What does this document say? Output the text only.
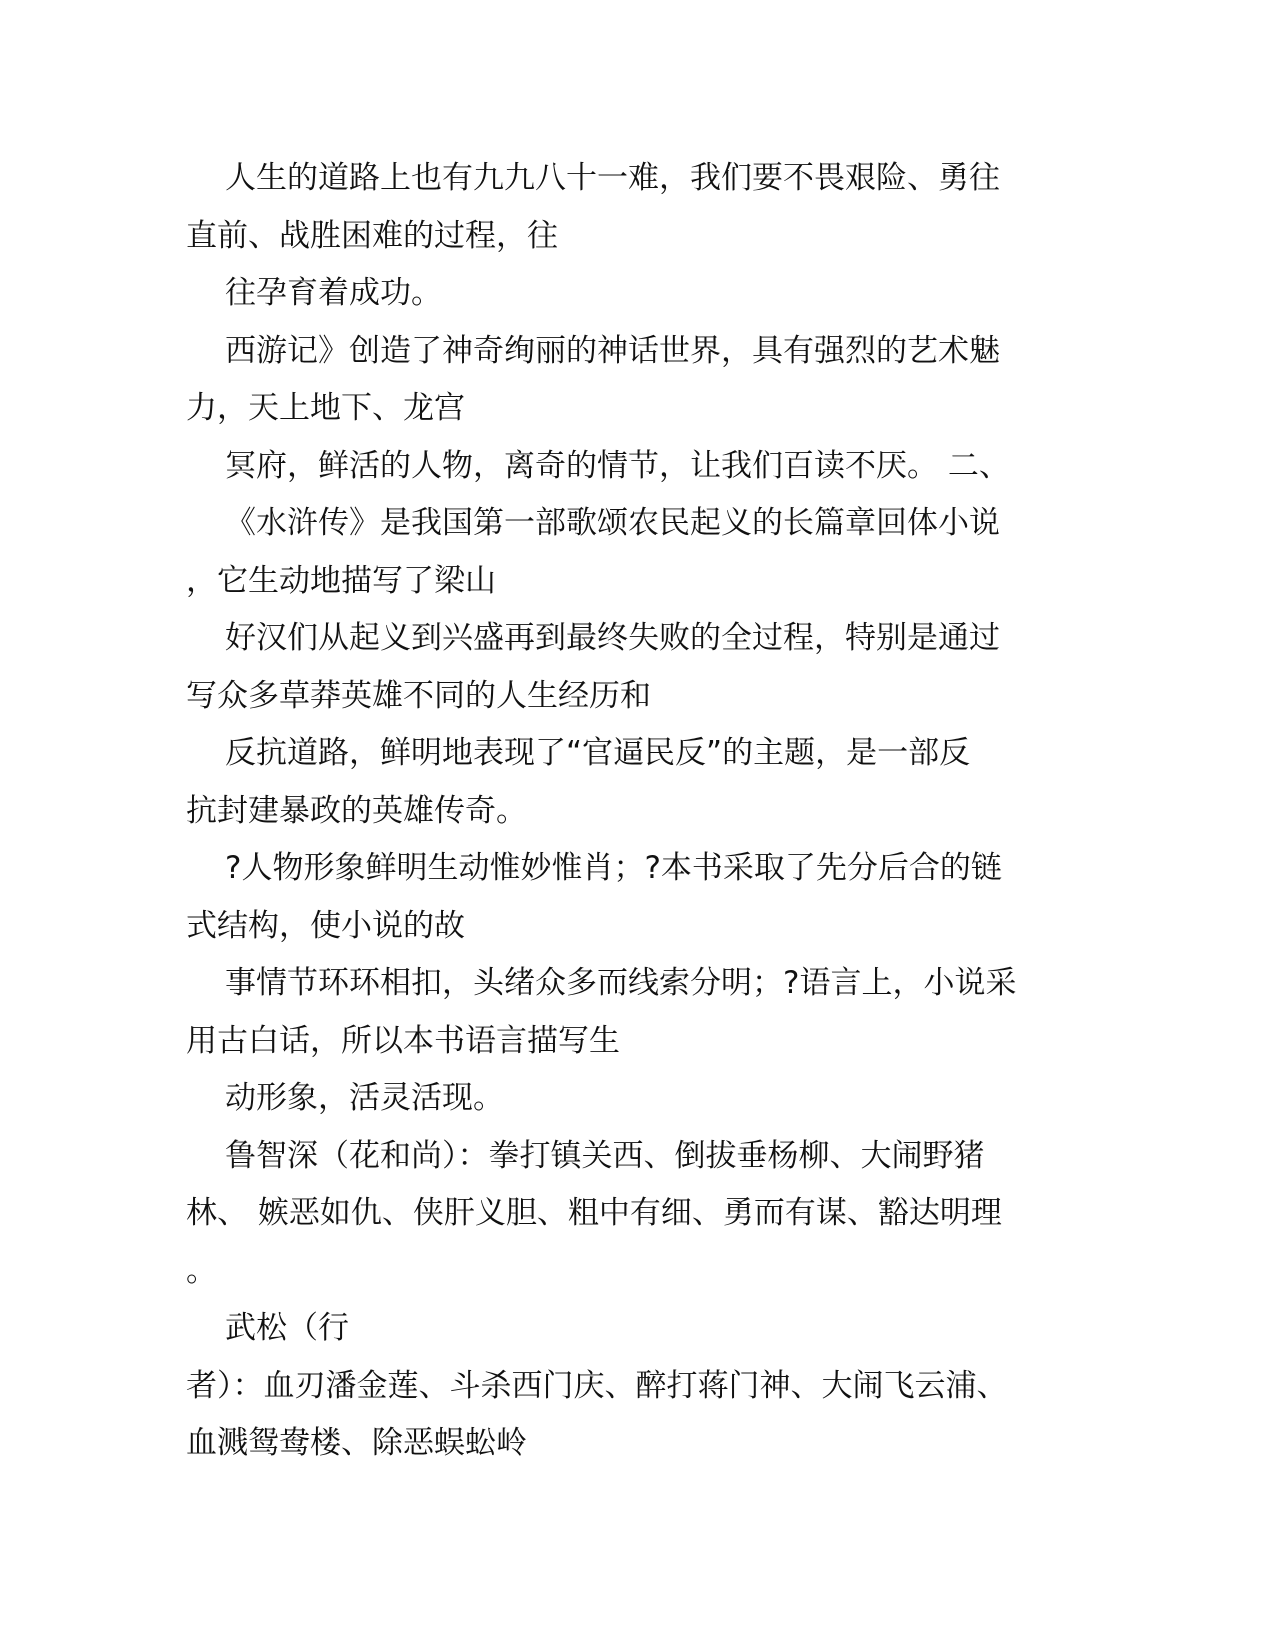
人生的道路上也有九九八十一难，我们要不畏艰险、勇往
直前、战胜困难的过程，往
往孕育着成功。
西游记》创造了神奇绚丽的神话世界，具有强烈的艺术魅
力，天上地下、龙宫
冥府，鲜活的人物，离奇的情节，让我们百读不厌。 二、
《水浒传》是我国第一部歌颂农民起义的长篇章回体小说
，它生动地描写了梁山
好汉们从起义到兴盛再到最终失败的全过程，特别是通过
写众多草莽英雄不同的人生经历和
反抗道路，鲜明地表现了“官逼民反”的主题，是一部反
抗封建暴政的英雄传奇。
?人物形象鲜明生动惟妙惟肖；?本书采取了先分后合的链
式结构，使小说的故
事情节环环相扣，头绪众多而线索分明；?语言上，小说采
用古白话，所以本书语言描写生
动形象，活灵活现。
鲁智深（花和尚）：拳打镇关西、倒拔垂杨柳、大闹野猪
林、 嫉恶如仇、侠肝义胆、粗中有细、勇而有谋、豁达明理
。
武松（行
者）：血刃潘金莲、斗杀西门庆、醉打蒋门神、大闹飞云浦、
血溅鸳鸯楼、除恶蜈蚣岭
